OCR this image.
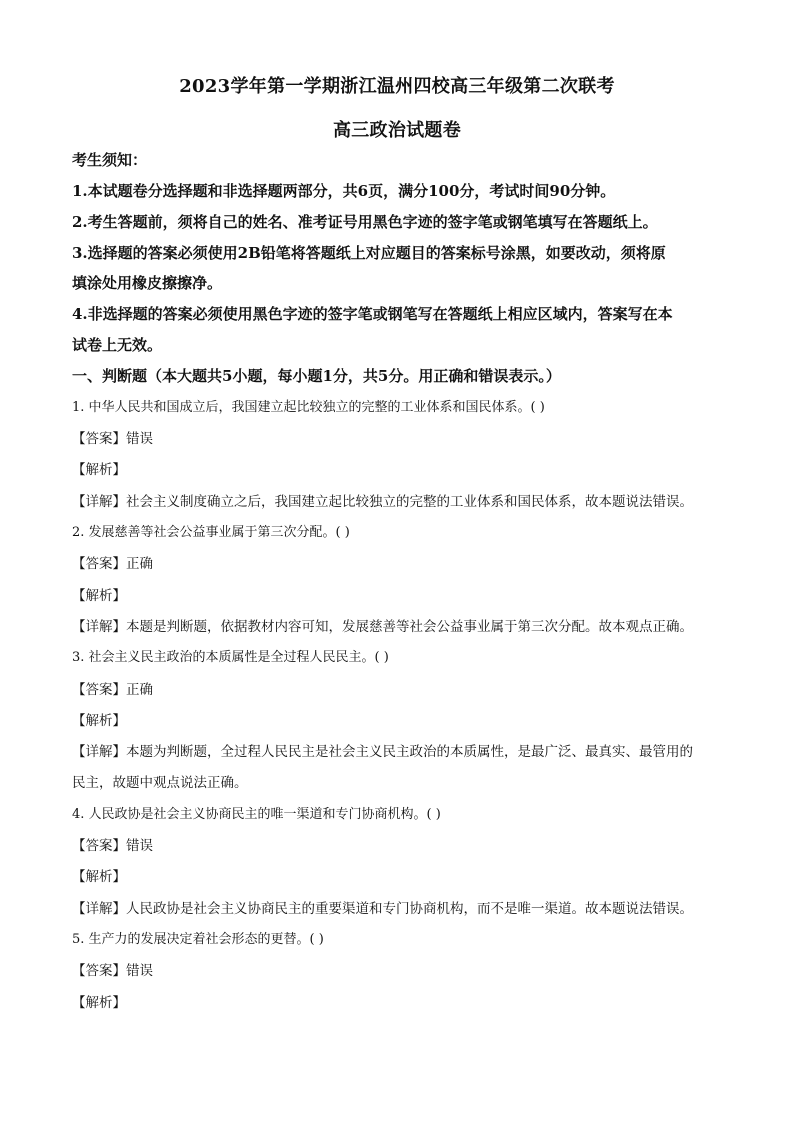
2023学年第一学期浙江温州四校高三年级第二次联考
高三政治试题卷
考生须知：
1.本试题卷分选择题和非选择题两部分，共6页，满分100分，考试时间90分钟。
2.考生答题前，须将自己的姓名、准考证号用黑色字迹的签字笔或钢笔填写在答题纸上。
3.选择题的答案必须使用2B铅笔将答题纸上对应题目的答案标号涂黑，如要改动，须将原
填涂处用橡皮擦擦净。
4.非选择题的答案必须使用黑色字迹的签字笔或钢笔写在答题纸上相应区域内，答案写在本
试卷上无效。
一、判断题（本大题共5小题，每小题1分，共5分。用正确和错误表示。）
1. 中华人民共和国成立后，我国建立起比较独立的完整的工业体系和国民体系。( )
【答案】错误
【解析】
【详解】社会主义制度确立之后，我国建立起比较独立的完整的工业体系和国民体系，故本题说法错误。
2. 发展慈善等社会公益事业属于第三次分配。( )
【答案】正确
【解析】
【详解】本题是判断题，依据教材内容可知，发展慈善等社会公益事业属于第三次分配。故本观点正确。
3. 社会主义民主政治的本质属性是全过程人民民主。( )
【答案】正确
【解析】
【详解】本题为判断题，全过程人民民主是社会主义民主政治的本质属性，是最广泛、最真实、最管用的
民主，故题中观点说法正确。
4. 人民政协是社会主义协商民主的唯一渠道和专门协商机构。( )
【答案】错误
【解析】
【详解】人民政协是社会主义协商民主的重要渠道和专门协商机构，而不是唯一渠道。故本题说法错误。
5. 生产力的发展决定着社会形态的更替。( )
【答案】错误
【解析】
